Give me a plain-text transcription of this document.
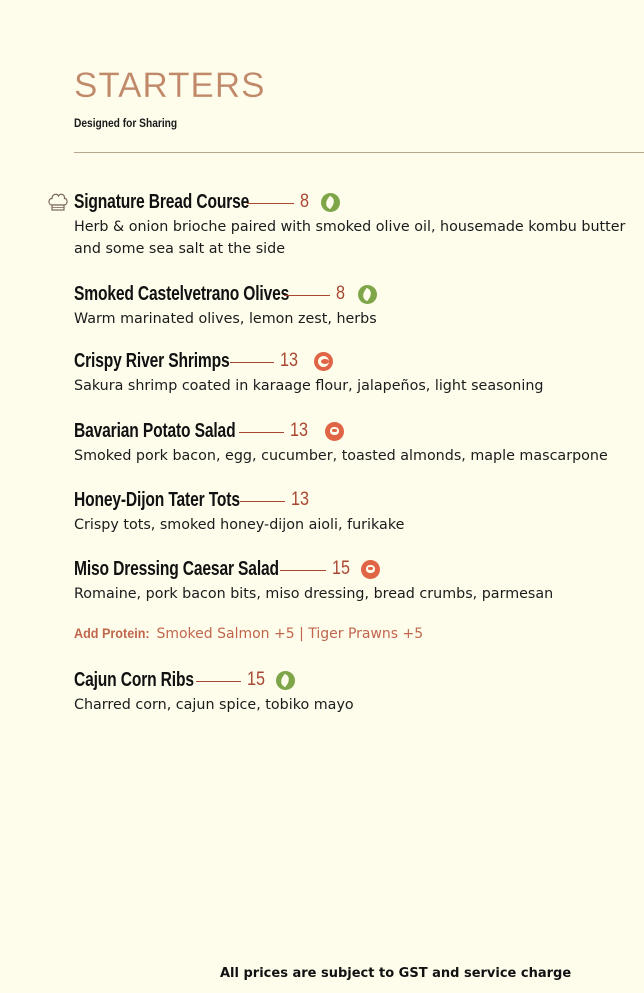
STARTERS
Designed for Sharing
Signature Bread Course	8
Herb & onion brioche paired with smoked olive oil, housemade kombu butter and some sea salt at the side
Smoked Castelvetrano Olives 8
Warm marinated olives, lemon zest, herbs
Crispy River Shrimps	13
Sakura shrimp coated in karaage flour, jalapeños, light seasoning
Bavarian Potato Salad	13
Smoked pork bacon, egg, cucumber, toasted almonds, maple mascarpone
Honey-Dijon Tater Tots	13
Crispy tots, smoked honey-dijon aioli, furikake
Miso Dressing Caesar Salad	15
Romaine, pork bacon bits, miso dressing, bread crumbs, parmesan
Add Protein: Smoked Salmon +5 | Tiger Prawns +5
Cajun Corn Ribs	15
Charred corn, cajun spice, tobiko mayo
All prices are subject to GST and service charge
